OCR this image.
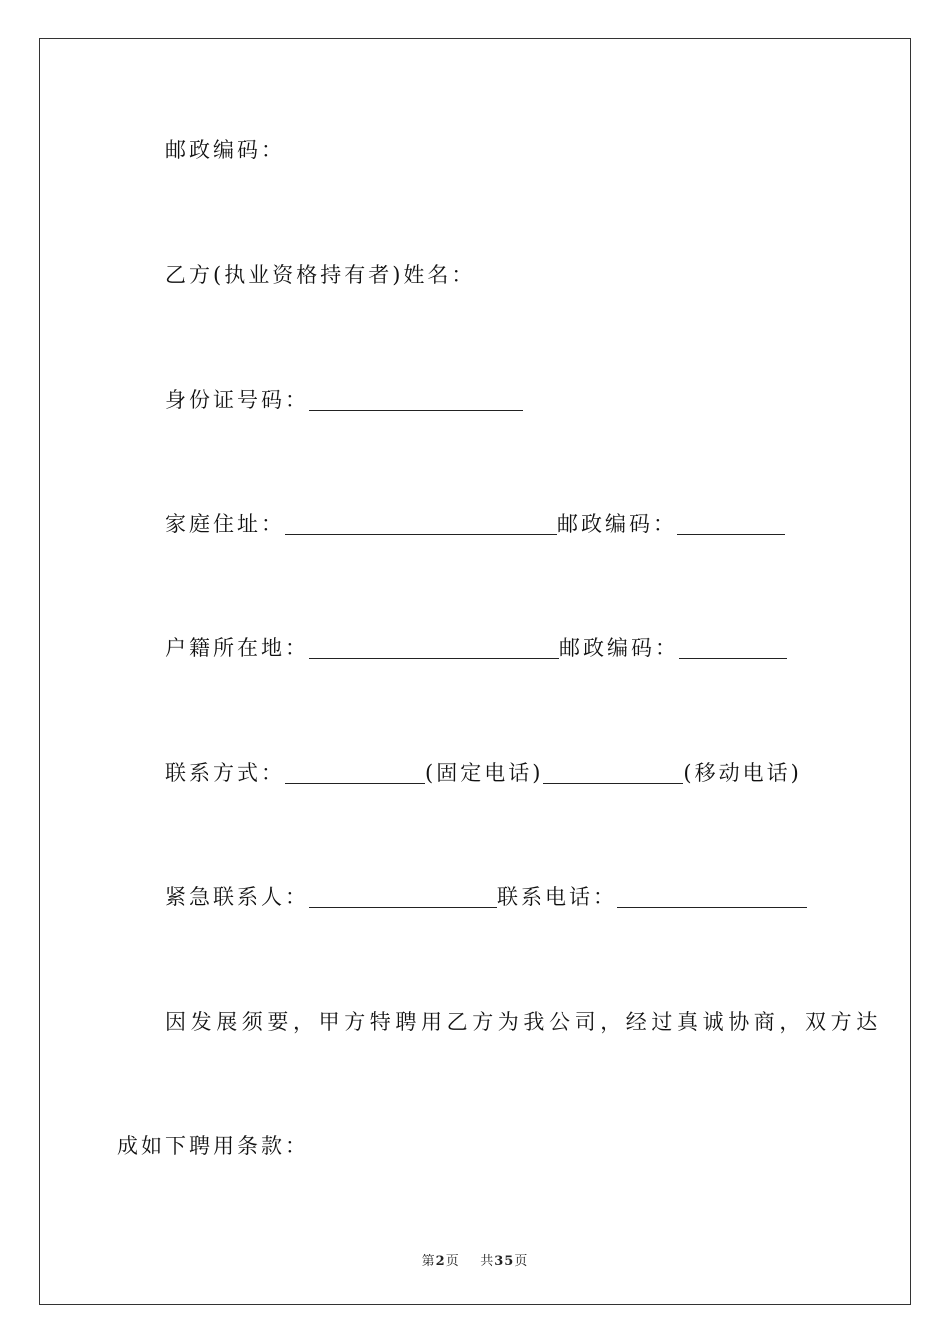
邮政编码：
乙方(执业资格持有者)姓名：
身份证号码：
家庭住址：	邮政编码：
户籍所在地：	邮政编码：
联系方式：	(固定电话)	(移动电话)
紧急联系人：	联系电话：
因发展须要，甲方特聘用乙方为我公司，经过真诚协商，双方达
成如下聘用条款：
第2页 共35页
